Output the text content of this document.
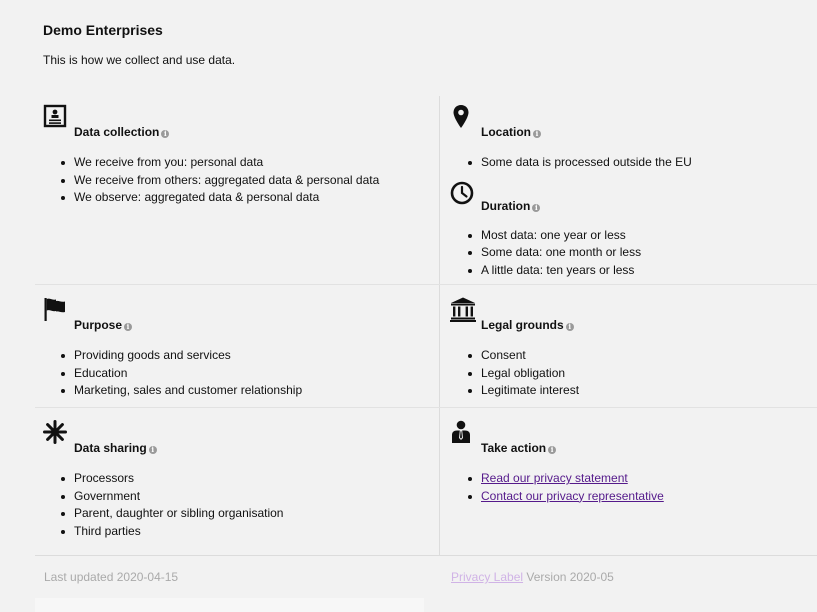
Demo Enterprises
This is how we collect and use data.
Data collection i
We receive from you: personal data
We receive from others: aggregated data & personal data
We observe: aggregated data & personal data
Location i
Some data is processed outside the EU
Duration i
Most data: one year or less
Some data: one month or less
A little data: ten years or less
Purpose i
Providing goods and services
Education
Marketing, sales and customer relationship
Legal grounds i
Consent
Legal obligation
Legitimate interest
Data sharing i
Processors
Government
Parent, daughter or sibling organisation
Third parties
Take action i
Read our privacy statement
Contact our privacy representative
Last updated 2020-04-15	Privacy Label Version 2020-05
